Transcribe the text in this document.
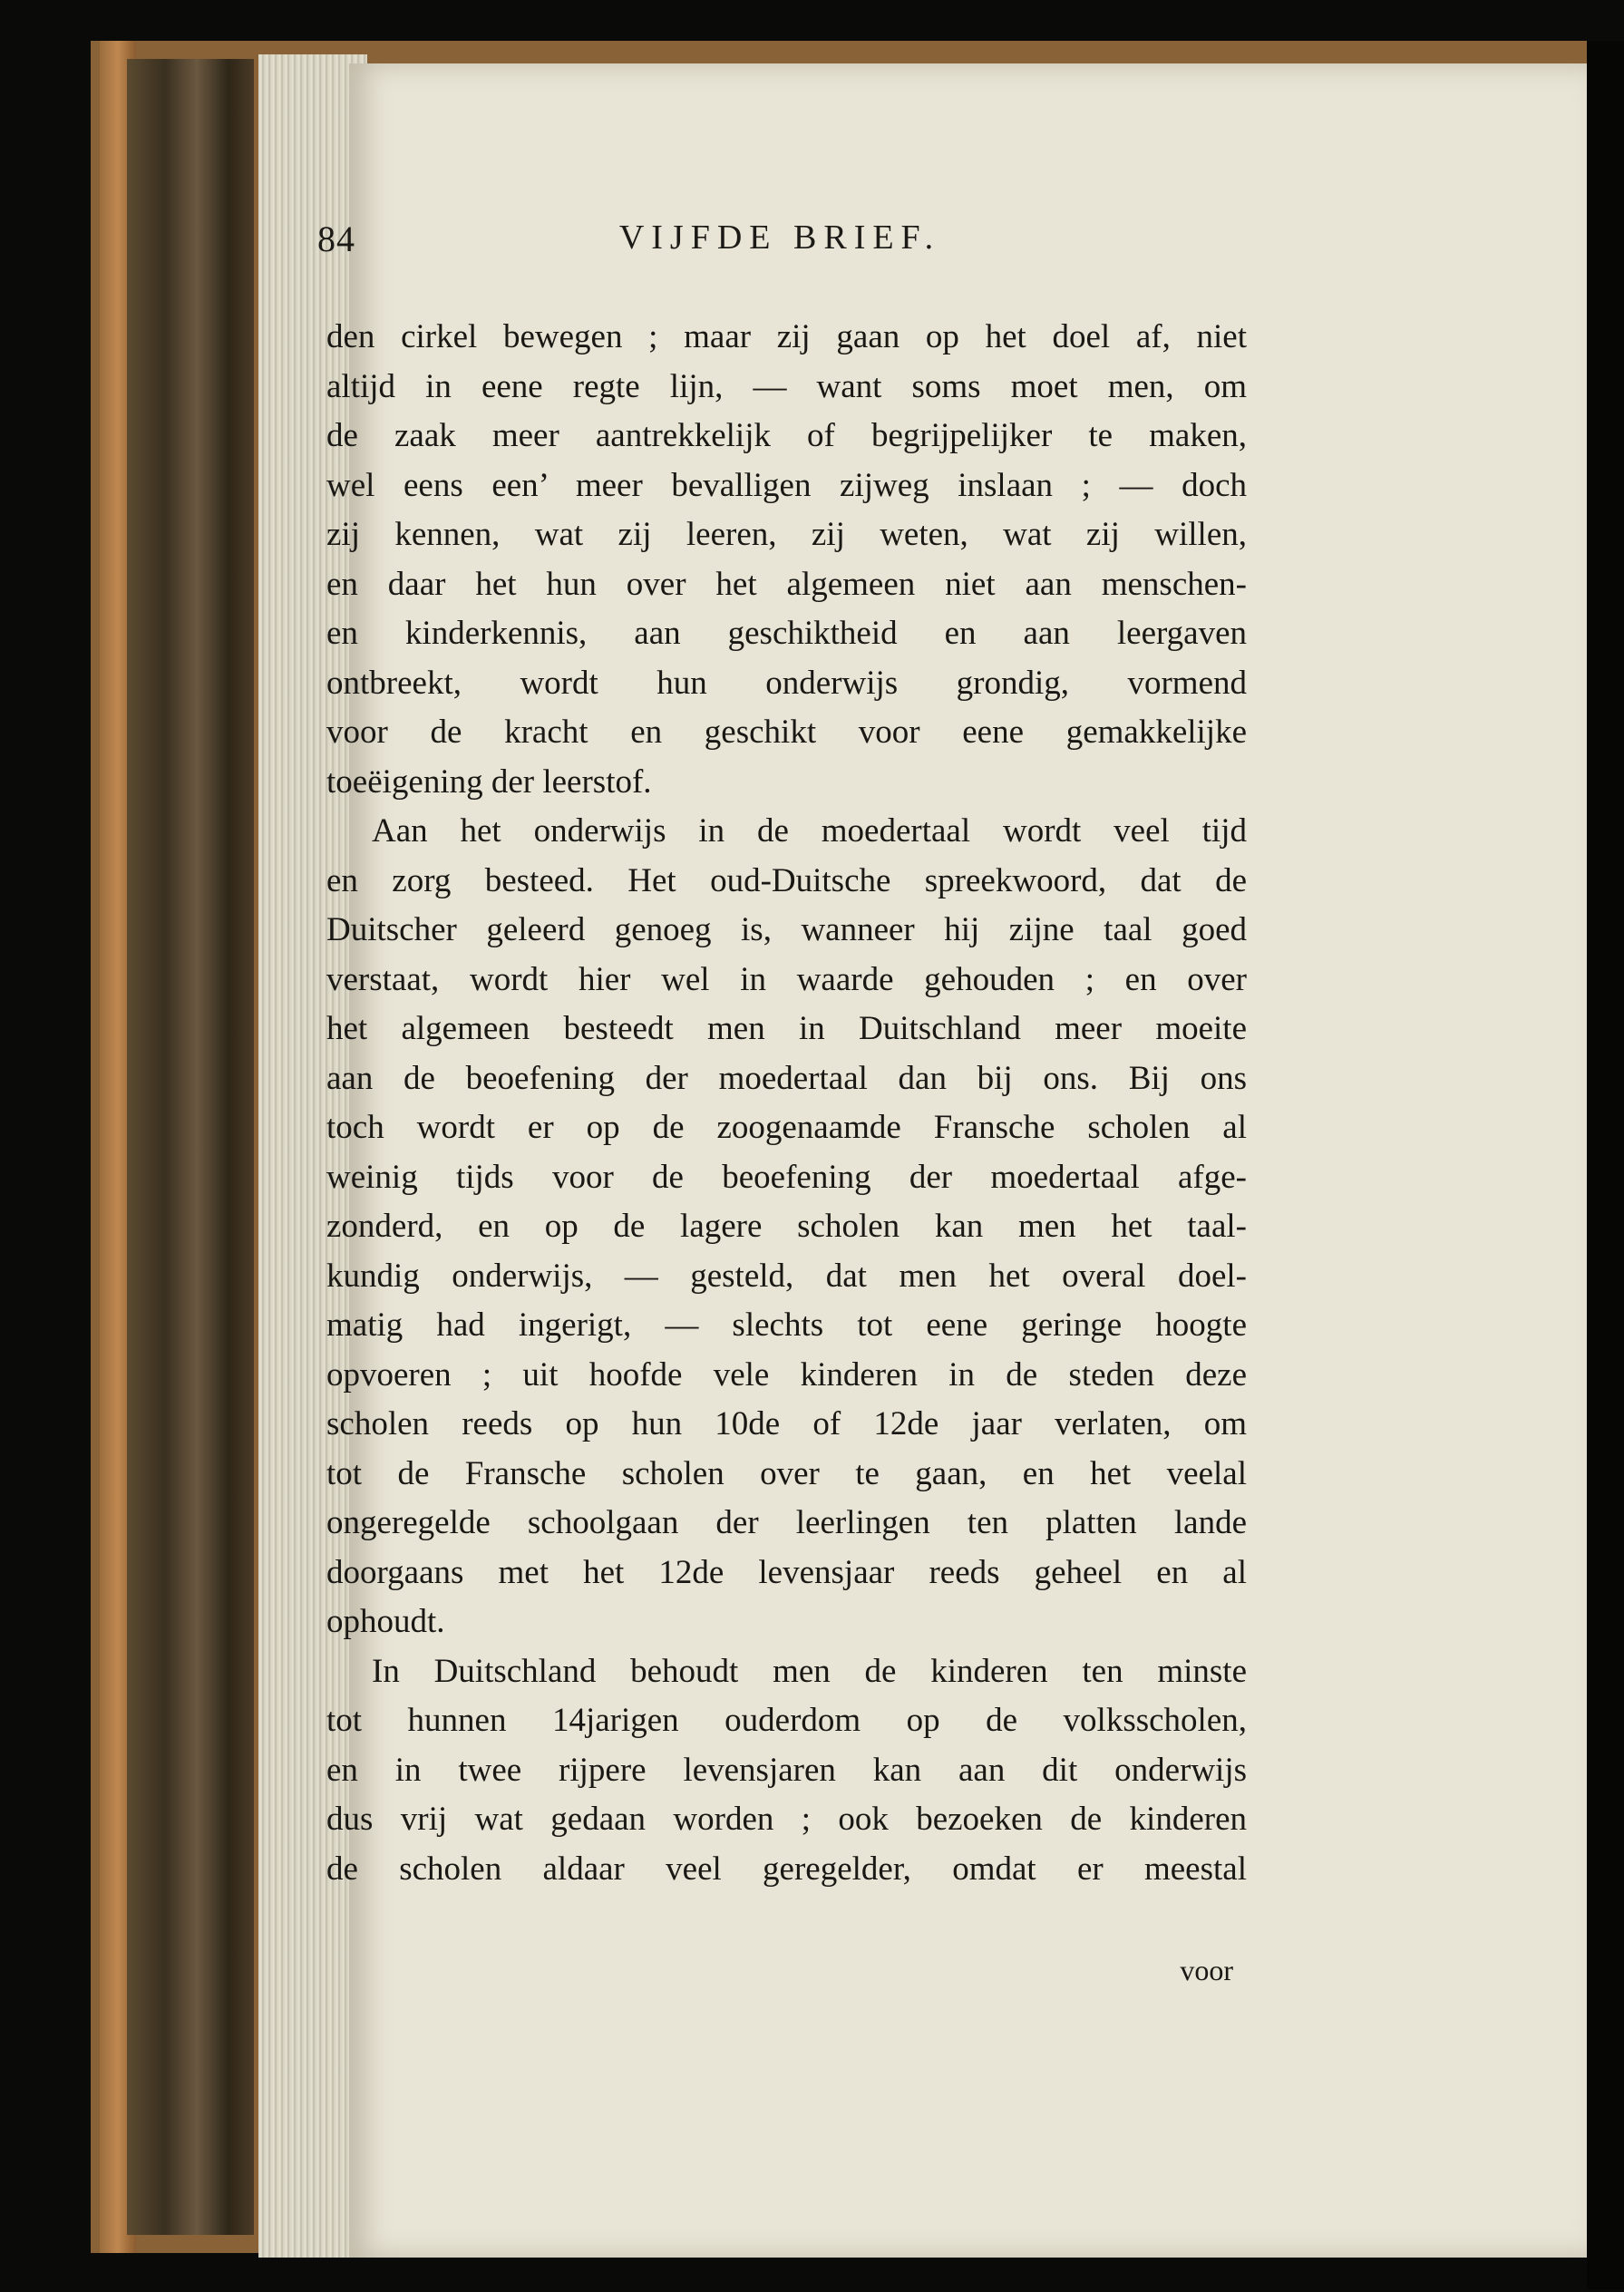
84	VIJFDE BRIEF.
den cirkel bewegen ; maar zij gaan op het doel af, niet
altijd in eene regte lijn, — want soms moet men, om
de zaak meer aantrekkelijk of begrijpelijker te maken,
wel eens een’ meer bevalligen zijweg inslaan ; — doch
zij kennen, wat zij leeren, zij weten, wat zij willen,
en daar het hun over het algemeen niet aan menschen-
en kinderkennis, aan geschiktheid en aan leergaven
ontbreekt, wordt hun onderwijs grondig, vormend
voor de kracht en geschikt voor eene gemakkelijke
toeëigening der leerstof.
Aan het onderwijs in de moedertaal wordt veel tijd
en zorg besteed. Het oud-Duitsche spreekwoord, dat de
Duitscher geleerd genoeg is, wanneer hij zijne taal goed
verstaat, wordt hier wel in waarde gehouden ; en over
het algemeen besteedt men in Duitschland meer moeite
aan de beoefening der moedertaal dan bij ons. Bij ons
toch wordt er op de zoogenaamde Fransche scholen al
weinig tijds voor de beoefening der moedertaal afge-
zonderd, en op de lagere scholen kan men het taal-
kundig onderwijs, — gesteld, dat men het overal doel-
matig had ingerigt, — slechts tot eene geringe hoogte
opvoeren ; uit hoofde vele kinderen in de steden deze
scholen reeds op hun 10de of 12de jaar verlaten, om
tot de Fransche scholen over te gaan, en het veelal
ongeregelde schoolgaan der leerlingen ten platten lande
doorgaans met het 12de levensjaar reeds geheel en al
ophoudt.
In Duitschland behoudt men de kinderen ten minste
tot hunnen 14jarigen ouderdom op de volksscholen,
en in twee rijpere levensjaren kan aan dit onderwijs
dus vrij wat gedaan worden ; ook bezoeken de kinderen
de scholen aldaar veel geregelder, omdat er meestal
voor
